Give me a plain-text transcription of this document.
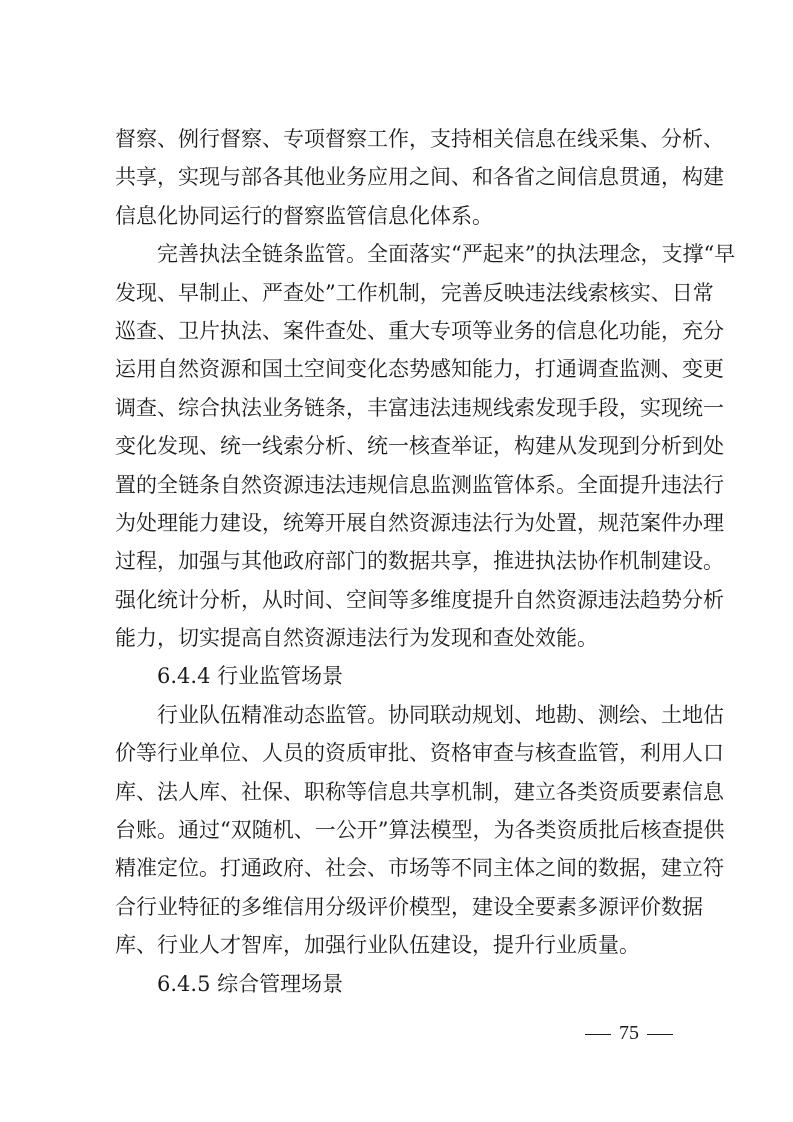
督察、例行督察、专项督察工作，支持相关信息在线采集、分析、
共享，实现与部各其他业务应用之间、和各省之间信息贯通，构建
信息化协同运行的督察监管信息化体系。
完善执法全链条监管。全面落实“严起来”的执法理念，支撑“早
发现、早制止、严查处”工作机制，完善反映违法线索核实、日常
巡查、卫片执法、案件查处、重大专项等业务的信息化功能，充分
运用自然资源和国土空间变化态势感知能力，打通调查监测、变更
调查、综合执法业务链条，丰富违法违规线索发现手段，实现统一
变化发现、统一线索分析、统一核查举证，构建从发现到分析到处
置的全链条自然资源违法违规信息监测监管体系。全面提升违法行
为处理能力建设，统筹开展自然资源违法行为处置，规范案件办理
过程，加强与其他政府部门的数据共享，推进执法协作机制建设。
强化统计分析，从时间、空间等多维度提升自然资源违法趋势分析
能力，切实提高自然资源违法行为发现和查处效能。
6.4.4 行业监管场景
行业队伍精准动态监管。协同联动规划、地勘、测绘、土地估
价等行业单位、人员的资质审批、资格审查与核查监管，利用人口
库、法人库、社保、职称等信息共享机制，建立各类资质要素信息
台账。通过“双随机、一公开”算法模型，为各类资质批后核查提供
精准定位。打通政府、社会、市场等不同主体之间的数据，建立符
合行业特征的多维信用分级评价模型，建设全要素多源评价数据
库、行业人才智库，加强行业队伍建设，提升行业质量。
6.4.5 综合管理场景
75
